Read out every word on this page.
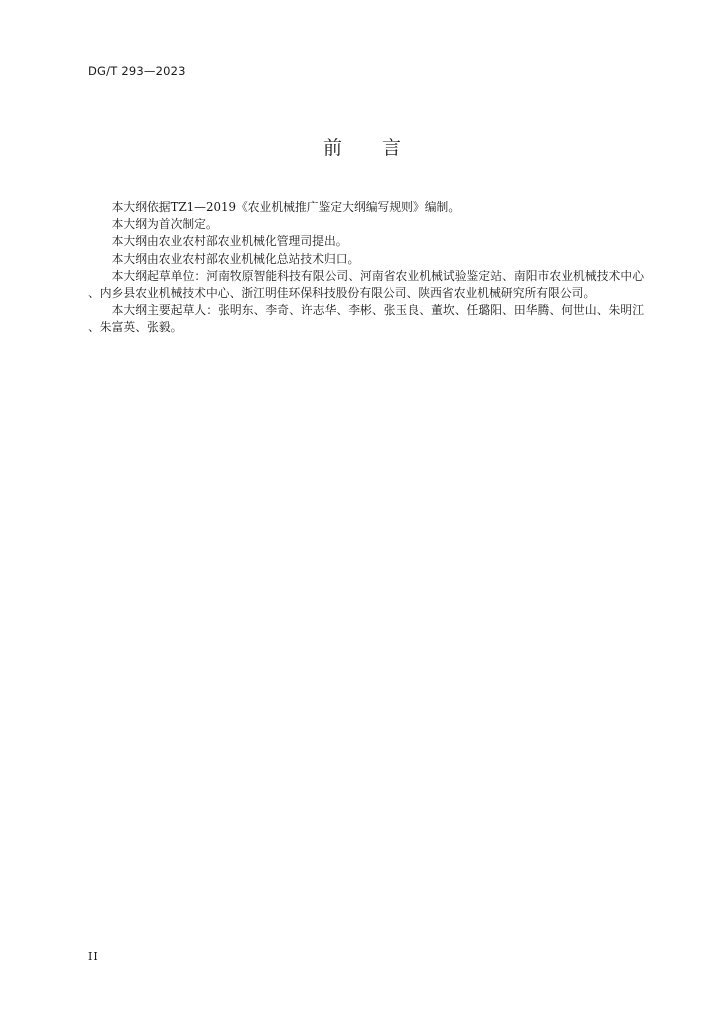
DG/T 293—2023
前 言

本大纲依据TZ1—2019《农业机械推广鉴定大纲编写规则》编制。

本大纲为首次制定。

本大纲由农业农村部农业机械化管理司提出。

本大纲由农业农村部农业机械化总站技术归口。

本大纲起草单位：河南牧原智能科技有限公司、河南省农业机械试验鉴定站、南阳市农业机械技术中心、内乡县农业机械技术中心、浙江明佳环保科技股份有限公司、陕西省农业机械研究所有限公司。

本大纲主要起草人：张明东、李奇、许志华、李彬、张玉良、董坎、任璐阳、田华腾、何世山、朱明江、朱富英、张毅。

II
